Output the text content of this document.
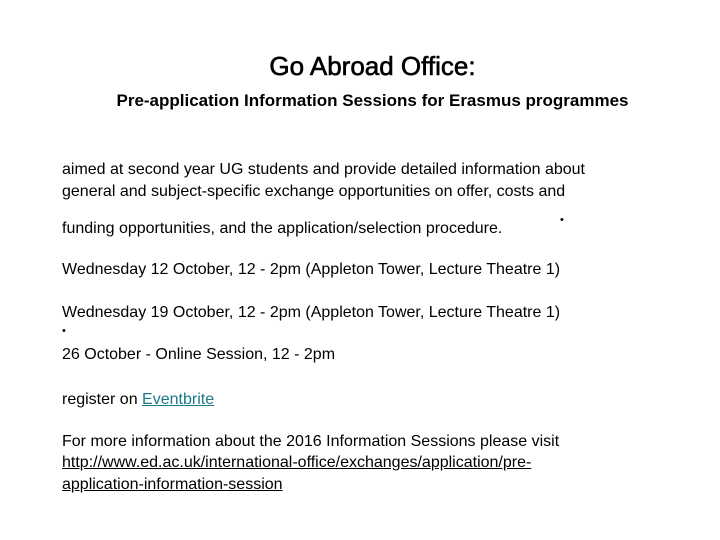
Go Abroad Office:
Pre-application Information Sessions for Erasmus programmes
aimed at second year UG students and provide detailed information about
general and subject-specific exchange opportunities on offer, costs and
funding opportunities, and the application/selection procedure.	•
Wednesday 12 October, 12 - 2pm (Appleton Tower, Lecture Theatre 1)
Wednesday 19 October, 12 - 2pm (Appleton Tower, Lecture Theatre 1)
•
26 October - Online Session, 12 - 2pm
register on Eventbrite
For more information about the 2016 Information Sessions please visit
http://www.ed.ac.uk/international-office/exchanges/application/pre-
application-information-session
